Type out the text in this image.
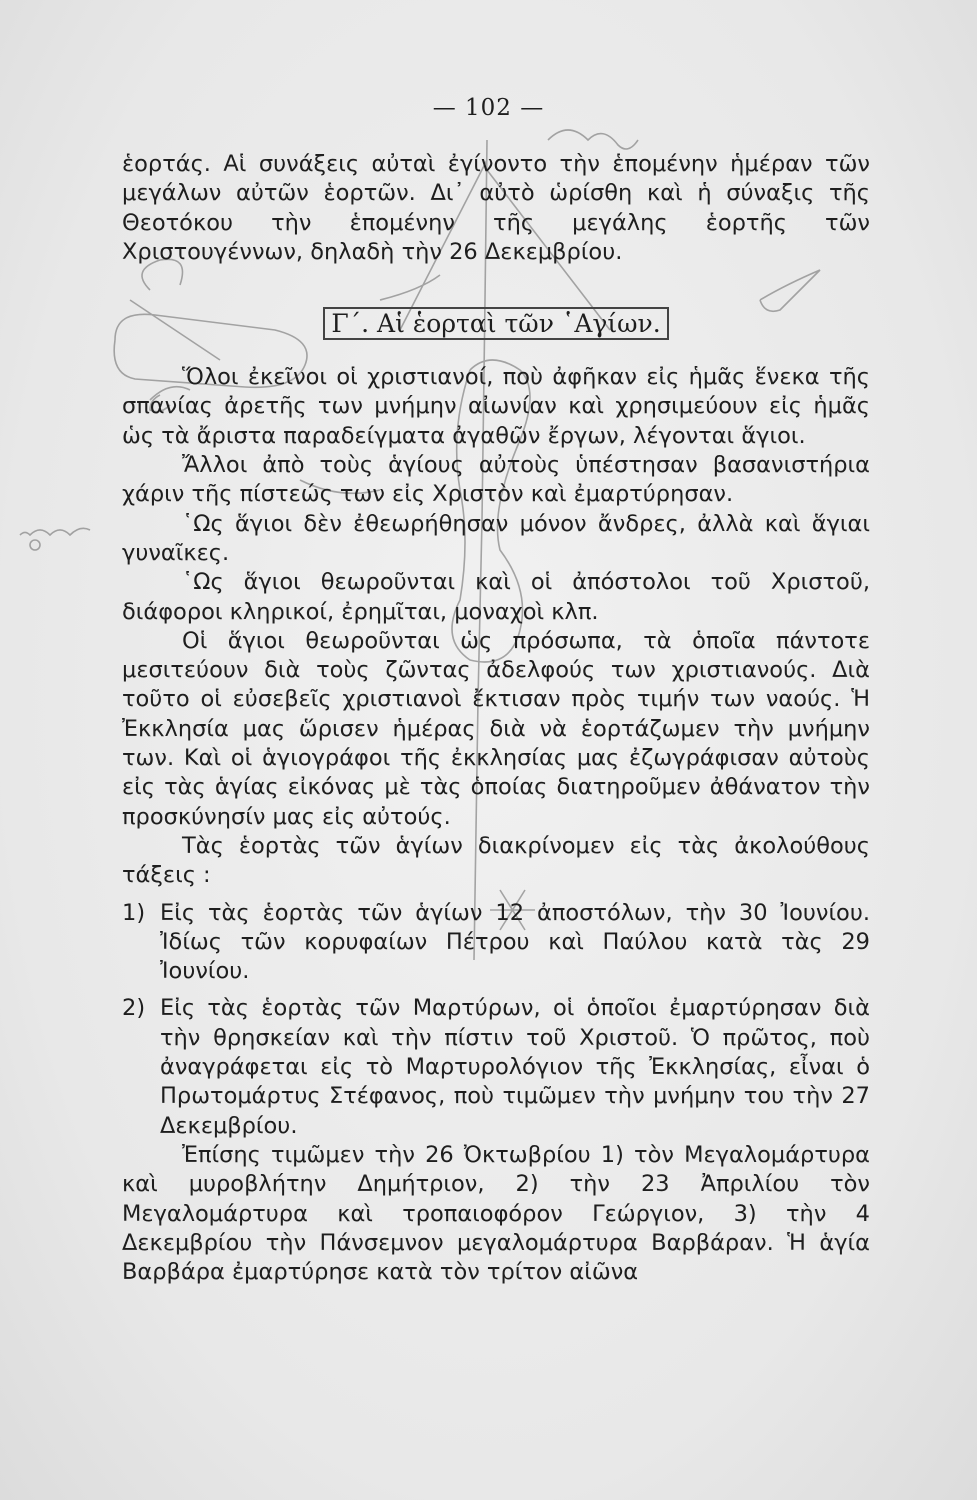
— 102 —

ἑορτάς. Αἱ συνάξεις αὐταὶ ἐγίνοντο τὴν ἑπομένην ἡμέραν τῶν μεγάλων αὐτῶν ἑορτῶν. Δι᾽ αὐτὸ ὡρίσθη καὶ ἡ σύναξις τῆς Θεοτόκου τὴν ἑπομένην τῆς μεγάλης ἑορτῆς τῶν Χριστουγέννων, δηλαδὴ τὴν 26 Δεκεμβρίου.

Γ΄. Αἱ ἑορταὶ τῶν ῾Αγίων.

Ὅλοι ἐκεῖνοι οἱ χριστιανοί, ποὺ ἀφῆκαν εἰς ἡμᾶς ἕνεκα τῆς σπανίας ἀρετῆς των μνήμην αἰωνίαν καὶ χρησιμεύουν εἰς ἡμᾶς ὡς τὰ ἄριστα παραδείγματα ἀγαθῶν ἔργων, λέγονται ἅγιοι.

Ἄλλοι ἀπὸ τοὺς ἁγίους αὐτοὺς ὑπέστησαν βασανιστήρια χάριν τῆς πίστεώς των εἰς Χριστὸν καὶ ἐμαρτύρησαν.

῾Ως ἅγιοι δὲν ἐθεωρήθησαν μόνον ἄνδρες, ἀλλὰ καὶ ἅγιαι γυναῖκες.

῾Ως ἅγιοι θεωροῦνται καὶ οἱ ἀπόστολοι τοῦ Χριστοῦ, διάφοροι κληρικοί, ἐρημῖται, μοναχοὶ κλπ.

Οἱ ἅγιοι θεωροῦνται ὡς πρόσωπα, τὰ ὁποῖα πάντοτε μεσιτεύουν διὰ τοὺς ζῶντας ἀδελφούς των χριστιανούς. Διὰ τοῦτο οἱ εὐσεβεῖς χριστιανοὶ ἔκτισαν πρὸς τιμήν των ναούς. Ἡ Ἐκκλησία μας ὥρισεν ἡμέρας διὰ νὰ ἑορτάζωμεν τὴν μνήμην των. Καὶ οἱ ἁγιογράφοι τῆς ἐκκλησίας μας ἐζωγράφισαν αὐτοὺς εἰς τὰς ἁγίας εἰκόνας μὲ τὰς ὁποίας διατηροῦμεν ἀθάνατον τὴν προσκύνησίν μας εἰς αὐτούς.

Τὰς ἑορτὰς τῶν ἁγίων διακρίνομεν εἰς τὰς ἀκολούθους τάξεις :

1) Εἰς τὰς ἑορτὰς τῶν ἁγίων 12 ἀποστόλων, τὴν 30 Ἰουνίου. Ἰδίως τῶν κορυφαίων Πέτρου καὶ Παύλου κατὰ τὰς 29 Ἰουνίου.
2) Εἰς τὰς ἑορτὰς τῶν Μαρτύρων, οἱ ὁποῖοι ἐμαρτύρησαν διὰ τὴν θρησκείαν καὶ τὴν πίστιν τοῦ Χριστοῦ. Ὁ πρῶτος, ποὺ ἀναγράφεται εἰς τὸ Μαρτυρολόγιον τῆς Ἐκκλησίας, εἶναι ὁ Πρωτομάρτυς Στέφανος, ποὺ τιμῶμεν τὴν μνήμην του τὴν 27 Δεκεμβρίου.

Ἐπίσης τιμῶμεν τὴν 26 Ὀκτωβρίου 1) τὸν Μεγαλομάρτυρα καὶ μυροβλήτην Δημήτριον, 2) τὴν 23 Ἀπριλίου τὸν Μεγαλομάρτυρα καὶ τροπαιοφόρον Γεώργιον, 3) τὴν 4 Δεκεμβρίου τὴν Πάνσεμνον μεγαλομάρτυρα Βαρβάραν. Ἡ ἁγία Βαρβάρα ἐμαρτύρησε κατὰ τὸν τρίτον αἰῶνα
